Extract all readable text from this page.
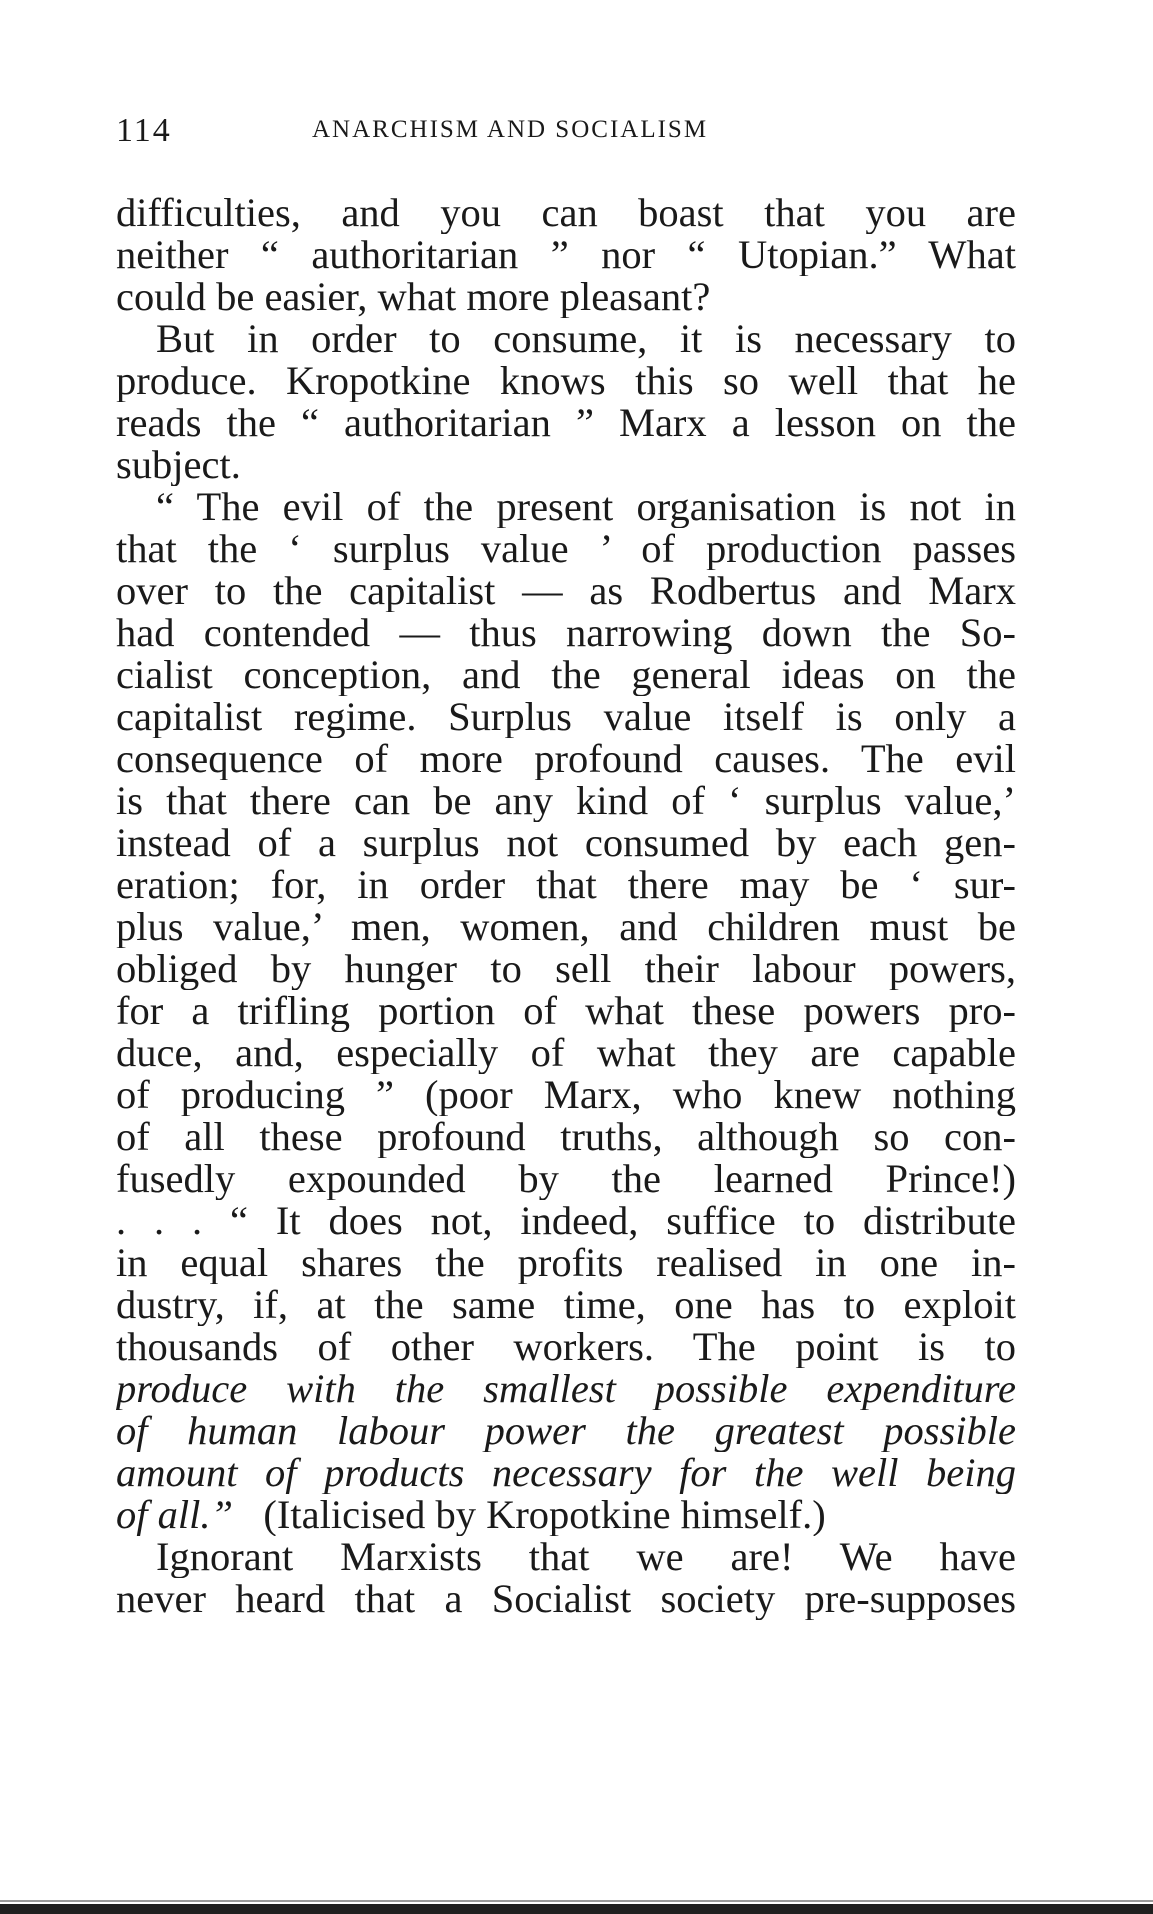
114	ANARCHISM AND SOCIALISM
difficulties, and you can boast that you are
neither “ authoritarian ” nor “ Utopian.” What
could be easier, what more pleasant?
But in order to consume, it is necessary to
produce. Kropotkine knows this so well that he
reads the “ authoritarian ” Marx a lesson on the
subject.
“ The evil of the present organisation is not in
that the ‘ surplus value ’ of production passes
over to the capitalist — as Rodbertus and Marx
had contended — thus narrowing down the So-
cialist conception, and the general ideas on the
capitalist regime. Surplus value itself is only a
consequence of more profound causes. The evil
is that there can be any kind of ‘ surplus value,’
instead of a surplus not consumed by each gen-
eration; for, in order that there may be ‘ sur-
plus value,’ men, women, and children must be
obliged by hunger to sell their labour powers,
for a trifling portion of what these powers pro-
duce, and, especially of what they are capable
of producing ” (poor Marx, who knew nothing
of all these profound truths, although so con-
fusedly expounded by the learned Prince!)
. . . “ It does not, indeed, suffice to distribute
in equal shares the profits realised in one in-
dustry, if, at the same time, one has to exploit
thousands of other workers. The point is to
produce with the smallest possible expenditure
of human labour power the greatest possible
amount of products necessary for the well being
of all.” (Italicised by Kropotkine himself.)
Ignorant Marxists that we are! We have
never heard that a Socialist society pre-supposes
